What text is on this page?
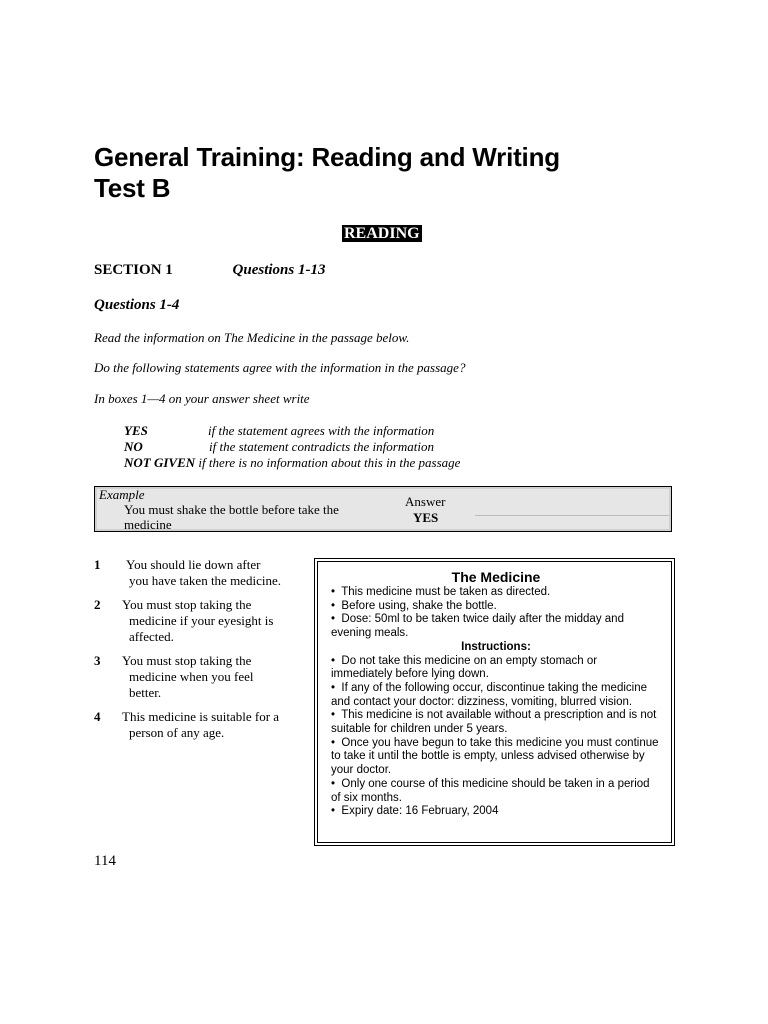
General Training: Reading and Writing
Test B
READING
SECTION 1	Questions 1-13
Questions 1-4
Read the information on The Medicine in the passage below.
Do the following statements agree with the information in the passage?
In boxes 1—4 on your answer sheet write
YES	if the statement agrees with the information
NO	if the statement contradicts the information
NOT GIVEN if there is no information about this in the passage
Example
You must shake the bottle before take the medicine
Answer
YES
1 You should lie down after
you have taken the medicine.
2 You must stop taking the
medicine if your eyesight is
affected.
3 You must stop taking the
medicine when you feel
better.
4 This medicine is suitable for a
person of any age.
The Medicine
• This medicine must be taken as directed.
• Before using, shake the bottle.
• Dose: 50ml to be taken twice daily after the midday and evening meals.
Instructions:
• Do not take this medicine on an empty stomach or immediately before lying down.
• If any of the following occur, discontinue taking the medicine and contact your doctor: dizziness, vomiting, blurred vision.
• This medicine is not available without a prescription and is not suitable for children under 5 years.
• Once you have begun to take this medicine you must continue to take it until the bottle is empty, unless advised otherwise by your doctor.
• Only one course of this medicine should be taken in a period of six months.
• Expiry date: 16 February, 2004
114
